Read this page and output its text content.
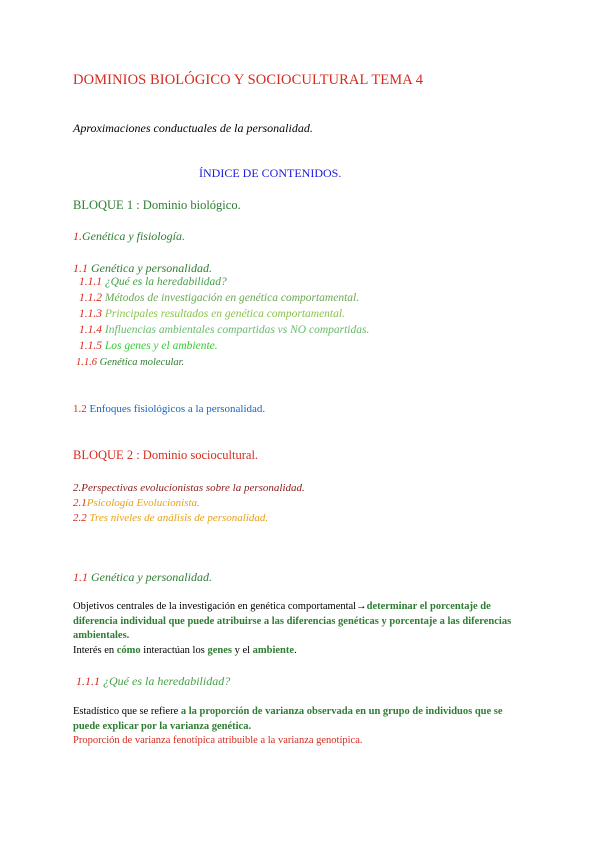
DOMINIOS BIOLÓGICO Y SOCIOCULTURAL TEMA 4
Aproximaciones conductuales de la personalidad.
ÍNDICE DE CONTENIDOS.
BLOQUE 1 : Dominio biológico.
1.Genética y fisiología.
1.1 Genética y personalidad.
1.1.1 ¿Qué es la heredabilidad?
1.1.2 Métodos de investigación en genética comportamental.
1.1.3 Principales resultados en genética comportamental.
1.1.4 Influencias ambientales compartidas vs NO compartidas.
1.1.5 Los genes y el ambiente.
1.1.6 Genética molecular.
1.2 Enfoques fisiológicos a la personalidad.
BLOQUE 2 : Dominio sociocultural.
2.Perspectivas evolucionistas sobre la personalidad.
2.1Psicología Evolucionista.
2.2 Tres niveles de análisis de personalidad.
1.1 Genética y personalidad.
Objetivos centrales de la investigación en genética comportamental→determinar el porcentaje de diferencia individual que puede atribuirse a las diferencias genéticas y porcentaje a las diferencias ambientales.
Interés en cómo interactúan los genes y el ambiente.
1.1.1 ¿Qué es la heredabilidad?
Estadístico que se refiere a la proporción de varianza observada en un grupo de individuos que se puede explicar por la varianza genética.
Proporción de varianza fenotípica atribuible a la varianza genotípica.
